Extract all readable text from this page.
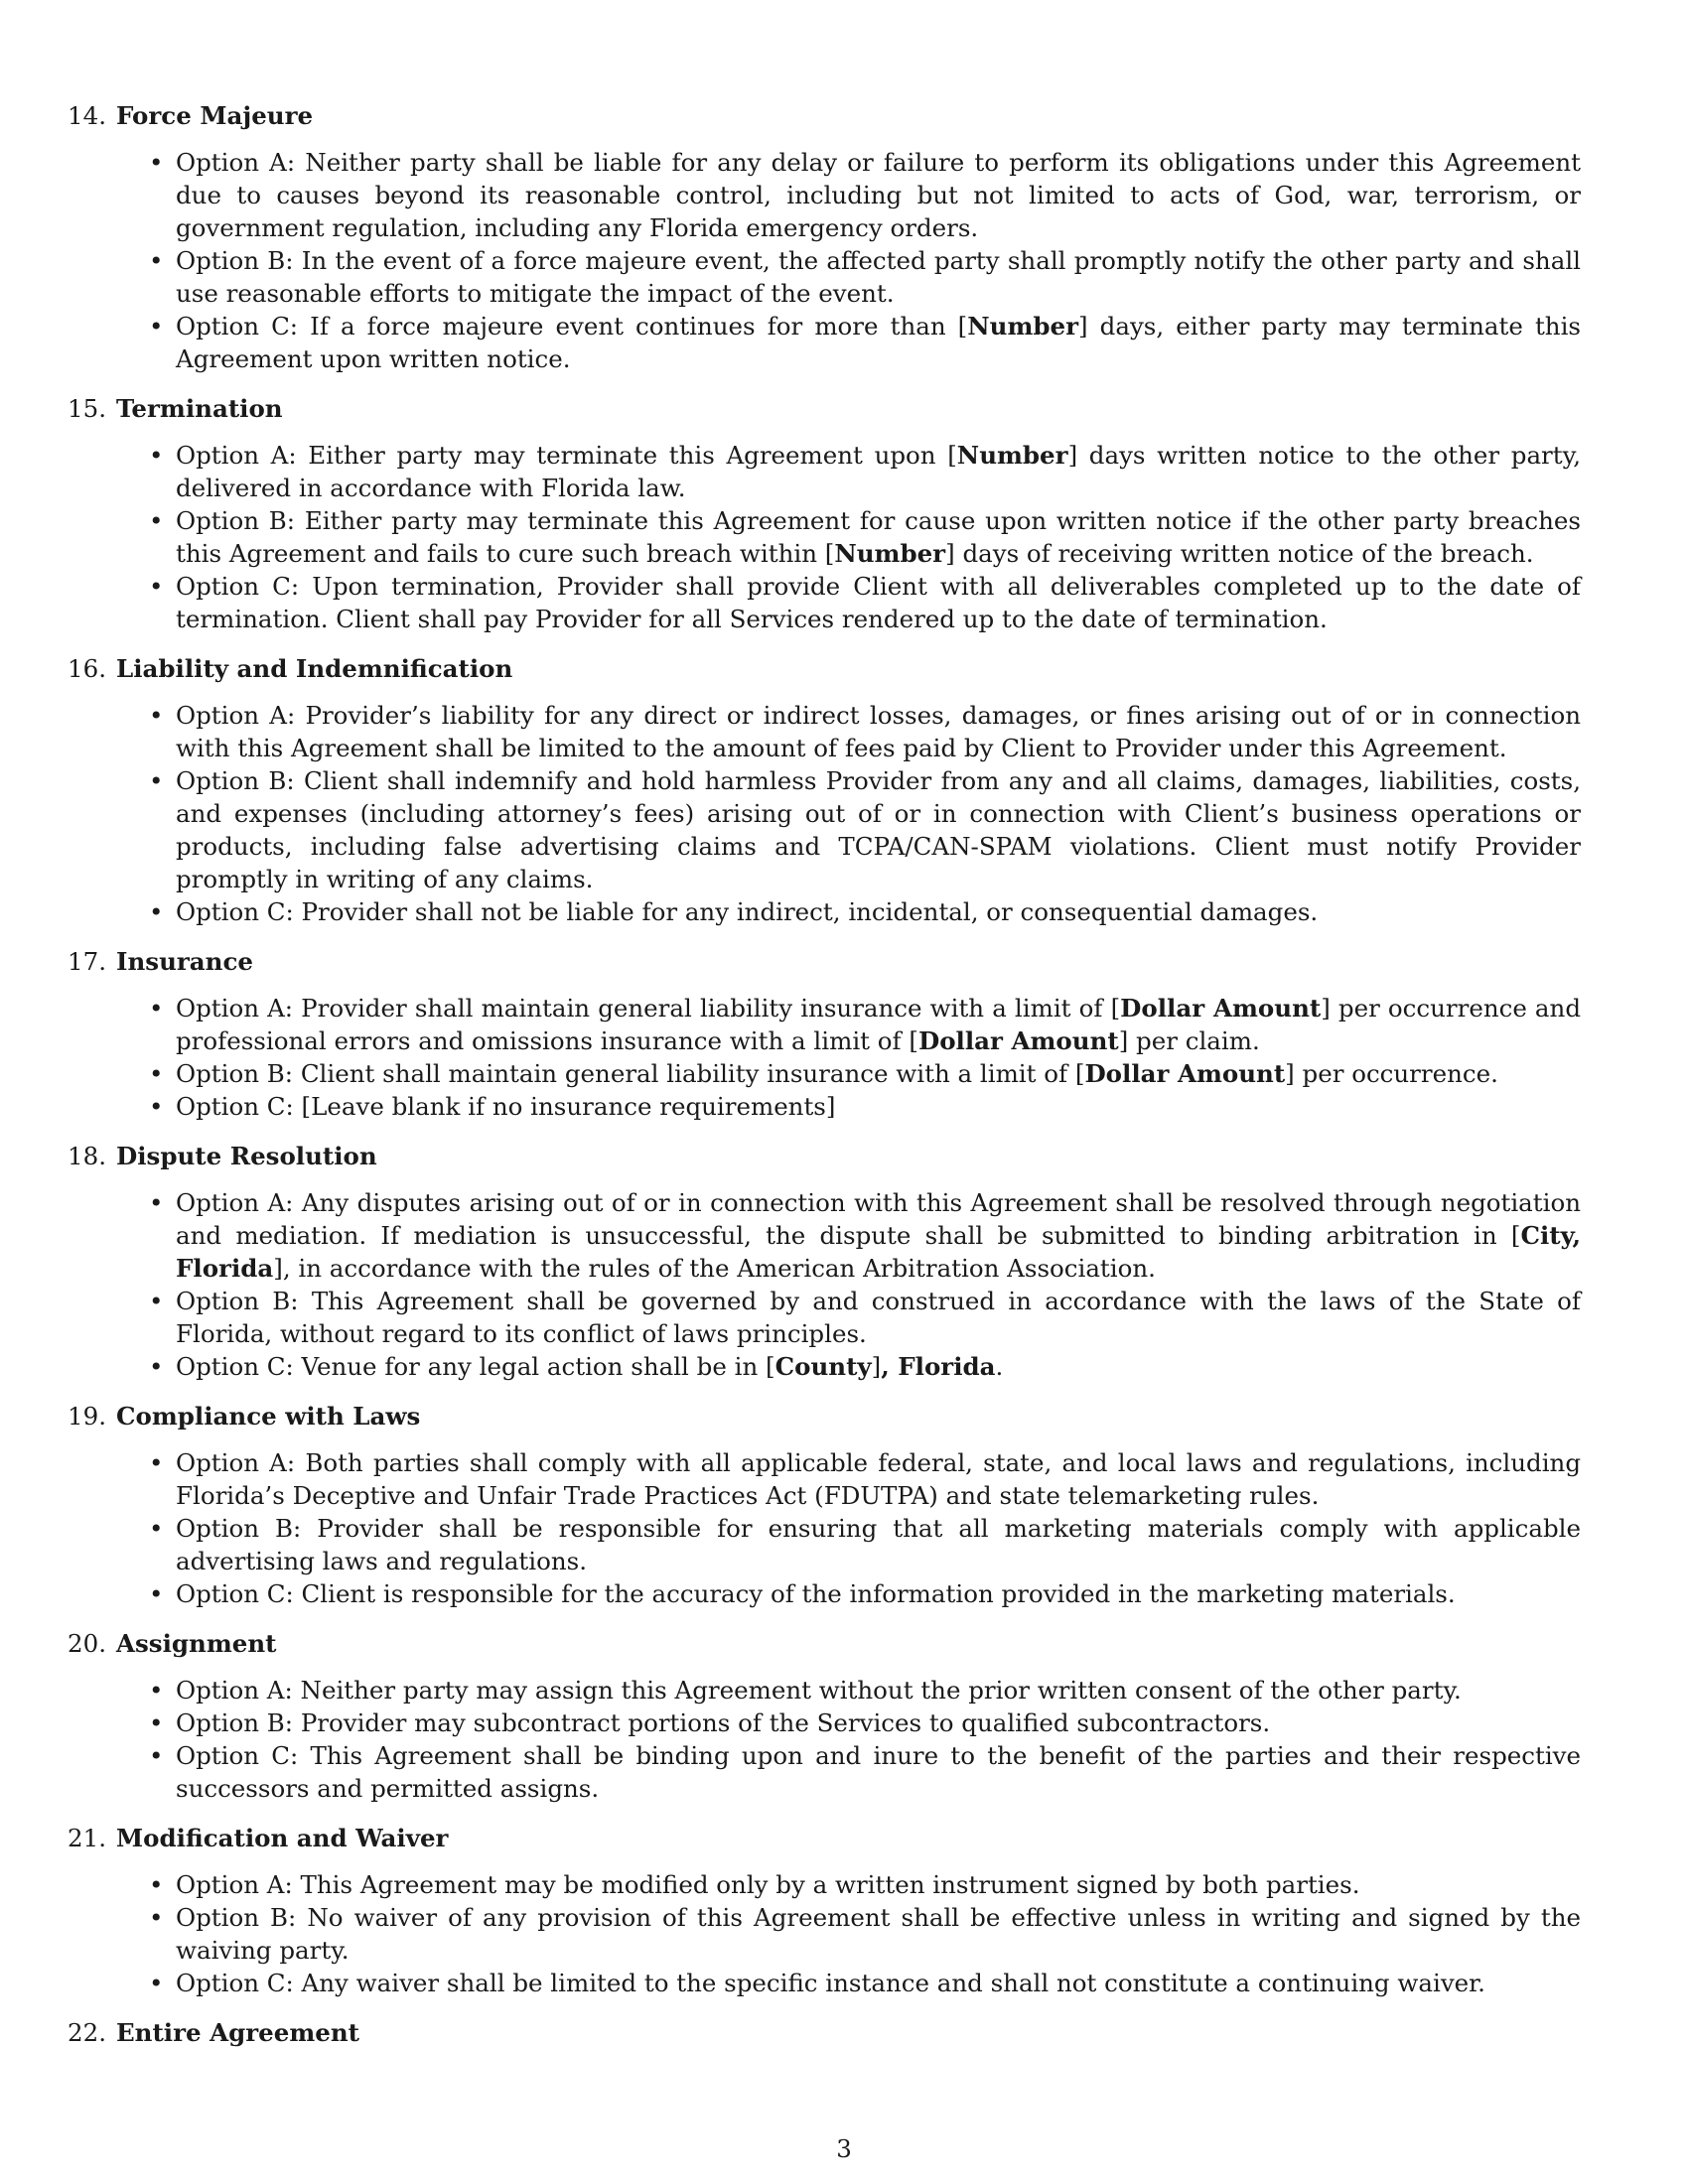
14. Force Majeure
• Option A: Neither party shall be liable for any delay or failure to perform its obligations under this Agreement due to causes beyond its reasonable control, including but not limited to acts of God, war, terrorism, or government regulation, including any Florida emergency orders.
• Option B: In the event of a force majeure event, the affected party shall promptly notify the other party and shall use reasonable efforts to mitigate the impact of the event.
• Option C: If a force majeure event continues for more than [Number] days, either party may terminate this Agreement upon written notice.
15. Termination
• Option A: Either party may terminate this Agreement upon [Number] days written notice to the other party, delivered in accordance with Florida law.
• Option B: Either party may terminate this Agreement for cause upon written notice if the other party breaches this Agreement and fails to cure such breach within [Number] days of receiving written notice of the breach.
• Option C: Upon termination, Provider shall provide Client with all deliverables completed up to the date of termination. Client shall pay Provider for all Services rendered up to the date of termination.
16. Liability and Indemnification
• Option A: Provider’s liability for any direct or indirect losses, damages, or fines arising out of or in connection with this Agreement shall be limited to the amount of fees paid by Client to Provider under this Agreement.
• Option B: Client shall indemnify and hold harmless Provider from any and all claims, damages, liabilities, costs, and expenses (including attorney’s fees) arising out of or in connection with Client’s business operations or products, including false advertising claims and TCPA/CAN-SPAM violations. Client must notify Provider promptly in writing of any claims.
• Option C: Provider shall not be liable for any indirect, incidental, or consequential damages.
17. Insurance
• Option A: Provider shall maintain general liability insurance with a limit of [Dollar Amount] per occurrence and professional errors and omissions insurance with a limit of [Dollar Amount] per claim.
• Option B: Client shall maintain general liability insurance with a limit of [Dollar Amount] per occurrence.
• Option C: [Leave blank if no insurance requirements]
18. Dispute Resolution
• Option A: Any disputes arising out of or in connection with this Agreement shall be resolved through negotiation and mediation. If mediation is unsuccessful, the dispute shall be submitted to binding arbitration in [City, Florida], in accordance with the rules of the American Arbitration Association.
• Option B: This Agreement shall be governed by and construed in accordance with the laws of the State of Florida, without regard to its conflict of laws principles.
• Option C: Venue for any legal action shall be in [County], Florida.
19. Compliance with Laws
• Option A: Both parties shall comply with all applicable federal, state, and local laws and regulations, including Florida’s Deceptive and Unfair Trade Practices Act (FDUTPA) and state telemarketing rules.
• Option B: Provider shall be responsible for ensuring that all marketing materials comply with applicable advertising laws and regulations.
• Option C: Client is responsible for the accuracy of the information provided in the marketing materials.
20. Assignment
• Option A: Neither party may assign this Agreement without the prior written consent of the other party.
• Option B: Provider may subcontract portions of the Services to qualified subcontractors.
• Option C: This Agreement shall be binding upon and inure to the benefit of the parties and their respective successors and permitted assigns.
21. Modification and Waiver
• Option A: This Agreement may be modified only by a written instrument signed by both parties.
• Option B: No waiver of any provision of this Agreement shall be effective unless in writing and signed by the waiving party.
• Option C: Any waiver shall be limited to the specific instance and shall not constitute a continuing waiver.
22. Entire Agreement
3
